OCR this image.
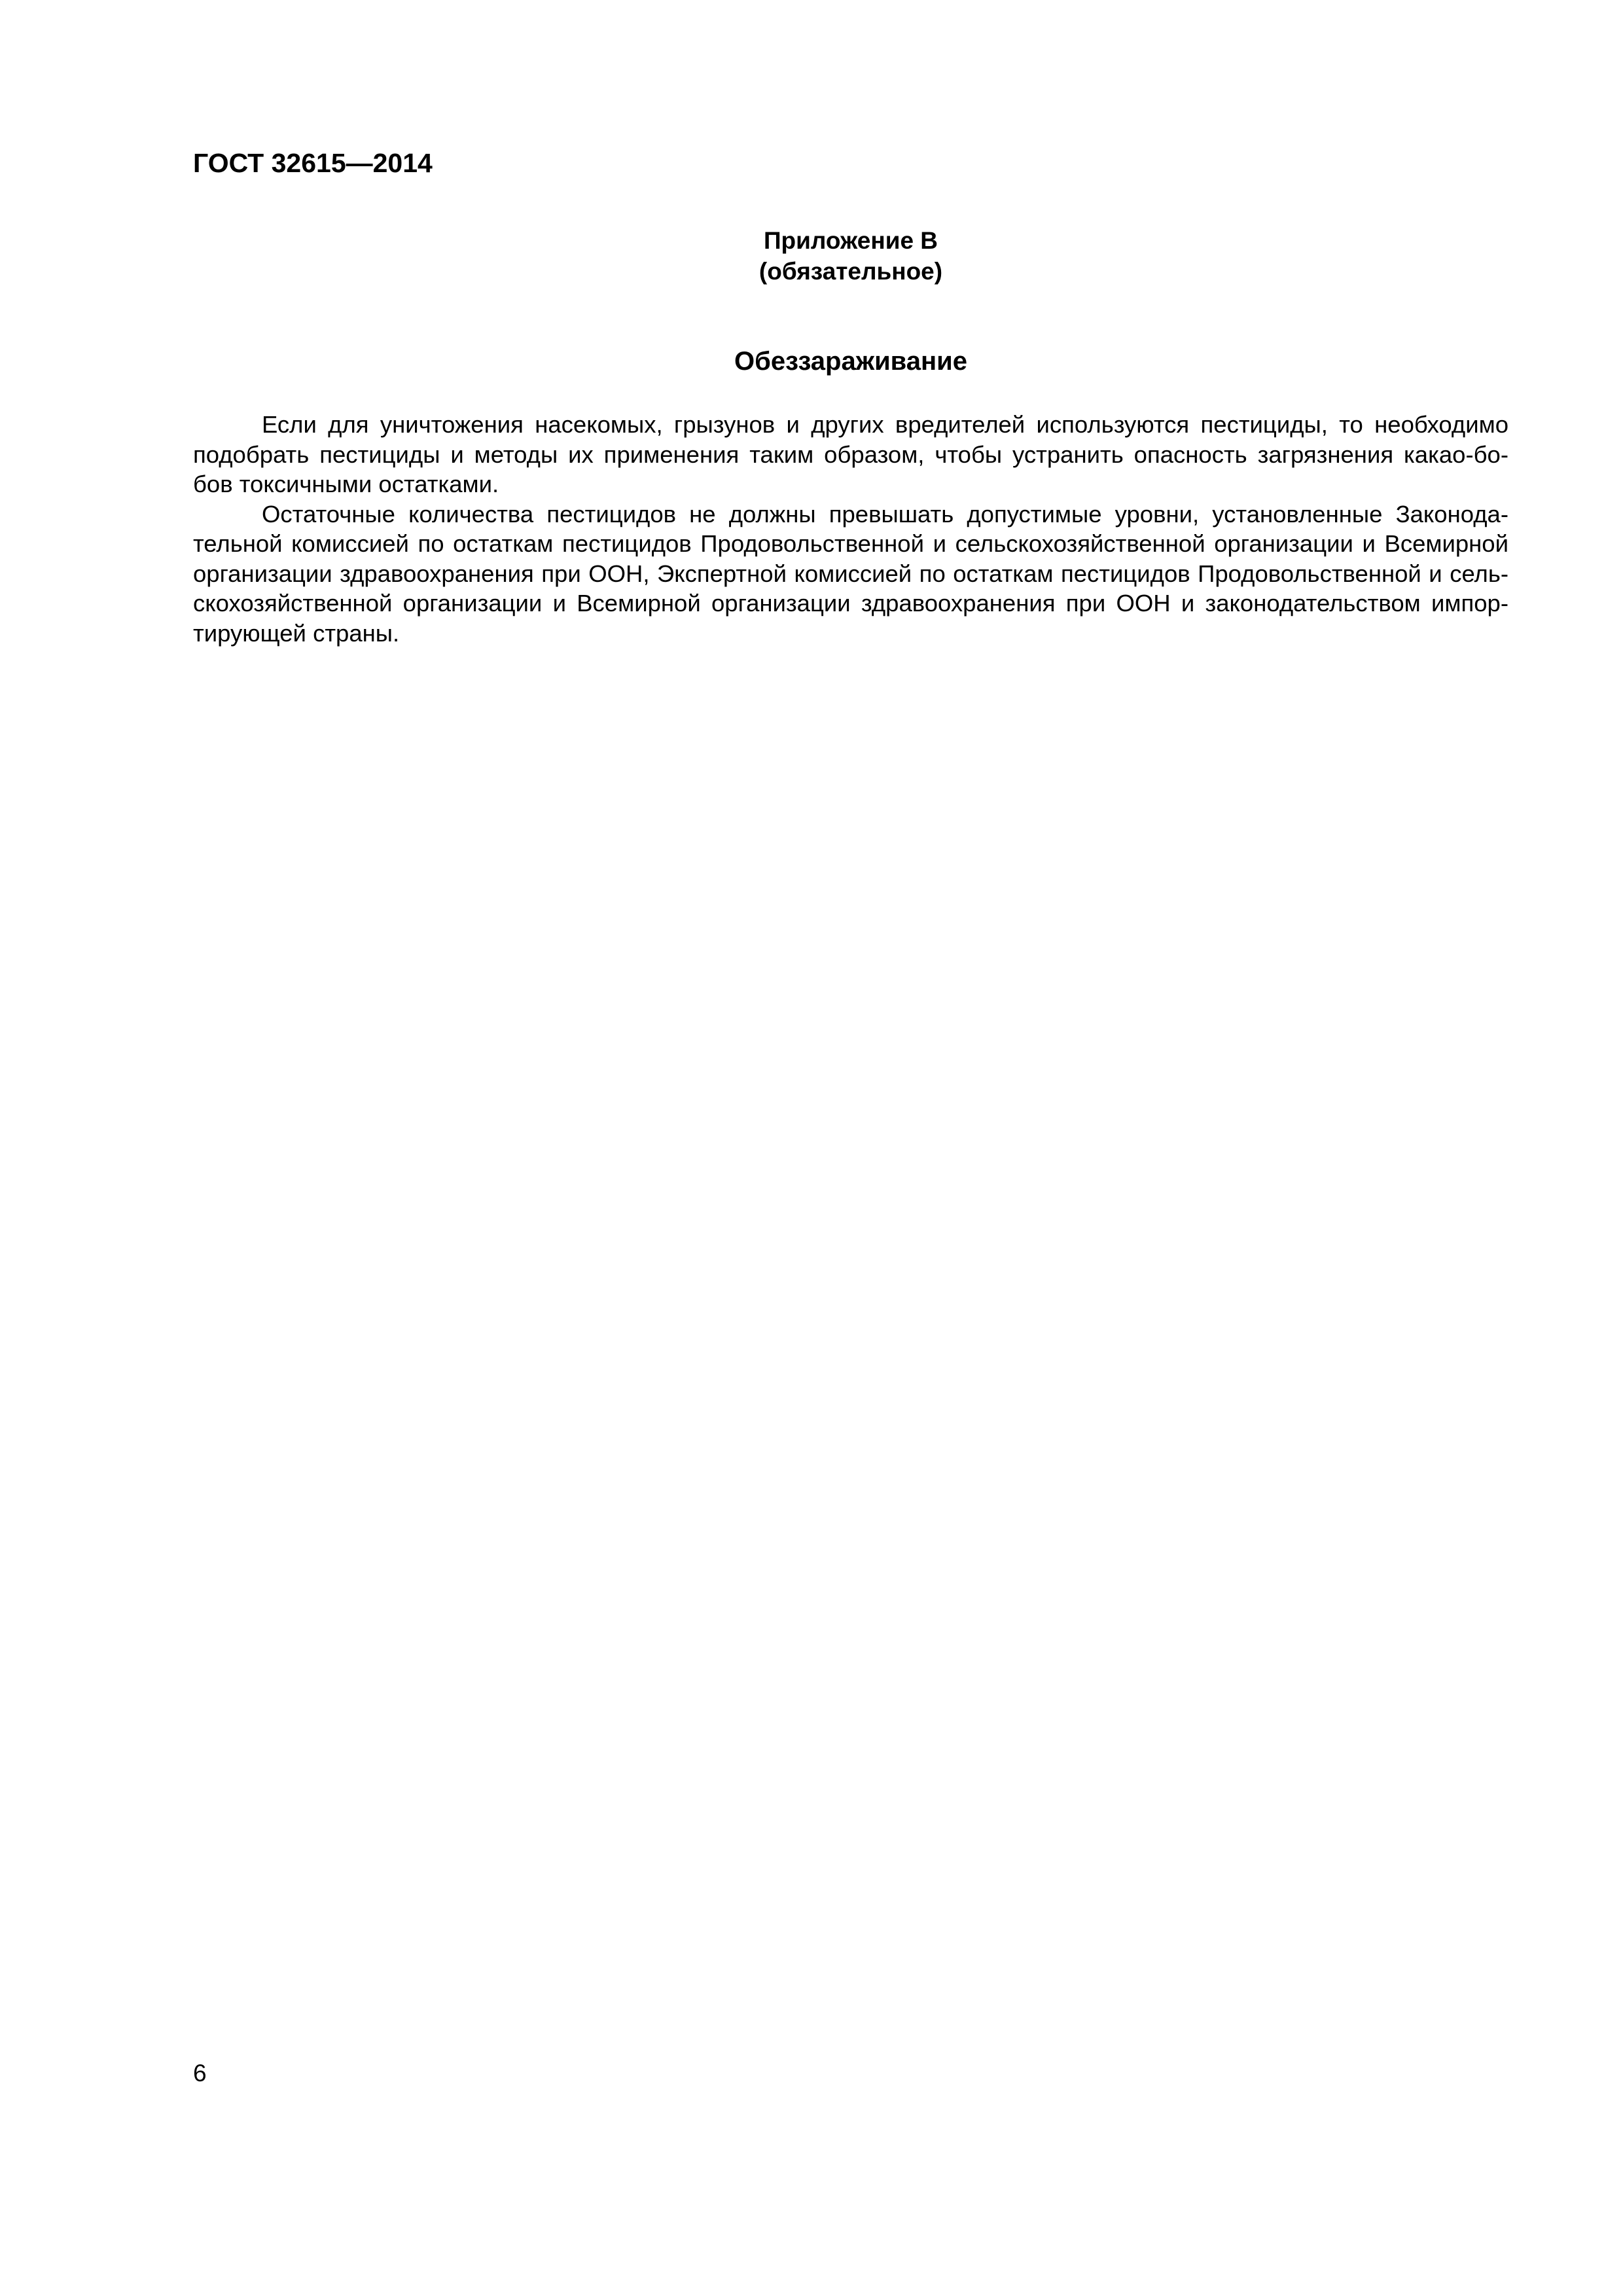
ГОСТ 32615—2014
Приложение В
(обязательное)
Обеззараживание
Если для уничтожения насекомых, грызунов и других вредителей используются пестициды, то необходимо
подобрать пестициды и методы их применения таким образом, чтобы устранить опасность загрязнения какао-бо-
бов токсичными остатками.
Остаточные количества пестицидов не должны превышать допустимые уровни, установленные Законода-
тельной комиссией по остаткам пестицидов Продовольственной и сельскохозяйственной организации и Всемирной
организации здравоохранения при ООН, Экспертной комиссией по остаткам пестицидов Продовольственной и сель-
скохозяйственной организации и Всемирной организации здравоохранения при ООН и законодательством импор-
тирующей страны.
6
